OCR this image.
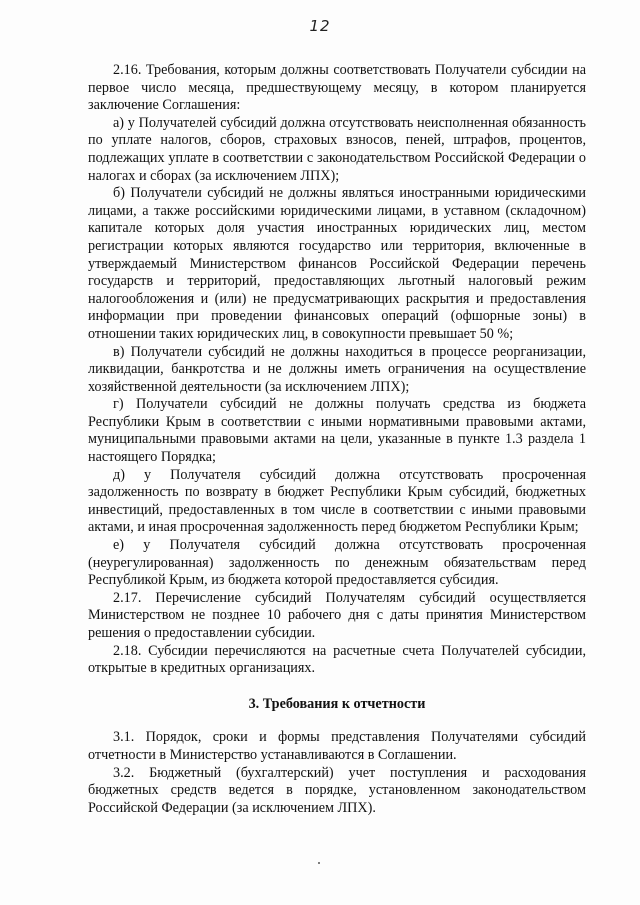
12

2.16. Требования, которым должны соответствовать Получатели субсидии на первое число месяца, предшествующему месяцу, в котором планируется заключение Соглашения:

а) у Получателей субсидий должна отсутствовать неисполненная обязанность по уплате налогов, сборов, страховых взносов, пеней, штрафов, процентов, подлежащих уплате в соответствии с законодательством Российской Федерации о налогах и сборах (за исключением ЛПХ);

б) Получатели субсидий не должны являться иностранными юридическими лицами, а также российскими юридическими лицами, в уставном (складочном) капитале которых доля участия иностранных юридических лиц, местом регистрации которых являются государство или территория, включенные в утверждаемый Министерством финансов Российской Федерации перечень государств и территорий, предоставляющих льготный налоговый режим налогообложения и (или) не предусматривающих раскрытия и предоставления информации при проведении финансовых операций (офшорные зоны) в отношении таких юридических лиц, в совокупности превышает 50 %;

в) Получатели субсидий не должны находиться в процессе реорганизации, ликвидации, банкротства и не должны иметь ограничения на осуществление хозяйственной деятельности (за исключением ЛПХ);

г) Получатели субсидий не должны получать средства из бюджета Республики Крым в соответствии с иными нормативными правовыми актами, муниципальными правовыми актами на цели, указанные в пункте 1.3 раздела 1 настоящего Порядка;

д) у Получателя субсидий должна отсутствовать просроченная задолженность по возврату в бюджет Республики Крым субсидий, бюджетных инвестиций, предоставленных в том числе в соответствии с иными правовыми актами, и иная просроченная задолженность перед бюджетом Республики Крым;

е) у Получателя субсидий должна отсутствовать просроченная (неурегулированная) задолженность по денежным обязательствам перед Республикой Крым, из бюджета которой предоставляется субсидия.

2.17. Перечисление субсидий Получателям субсидий осуществляется Министерством не позднее 10 рабочего дня с даты принятия Министерством решения о предоставлении субсидии.

2.18. Субсидии перечисляются на расчетные счета Получателей субсидии, открытые в кредитных организациях.

3. Требования к отчетности

3.1. Порядок, сроки и формы представления Получателями субсидий отчетности в Министерство устанавливаются в Соглашении.

3.2. Бюджетный (бухгалтерский) учет поступления и расходования бюджетных средств ведется в порядке, установленном законодательством Российской Федерации (за исключением ЛПХ).
